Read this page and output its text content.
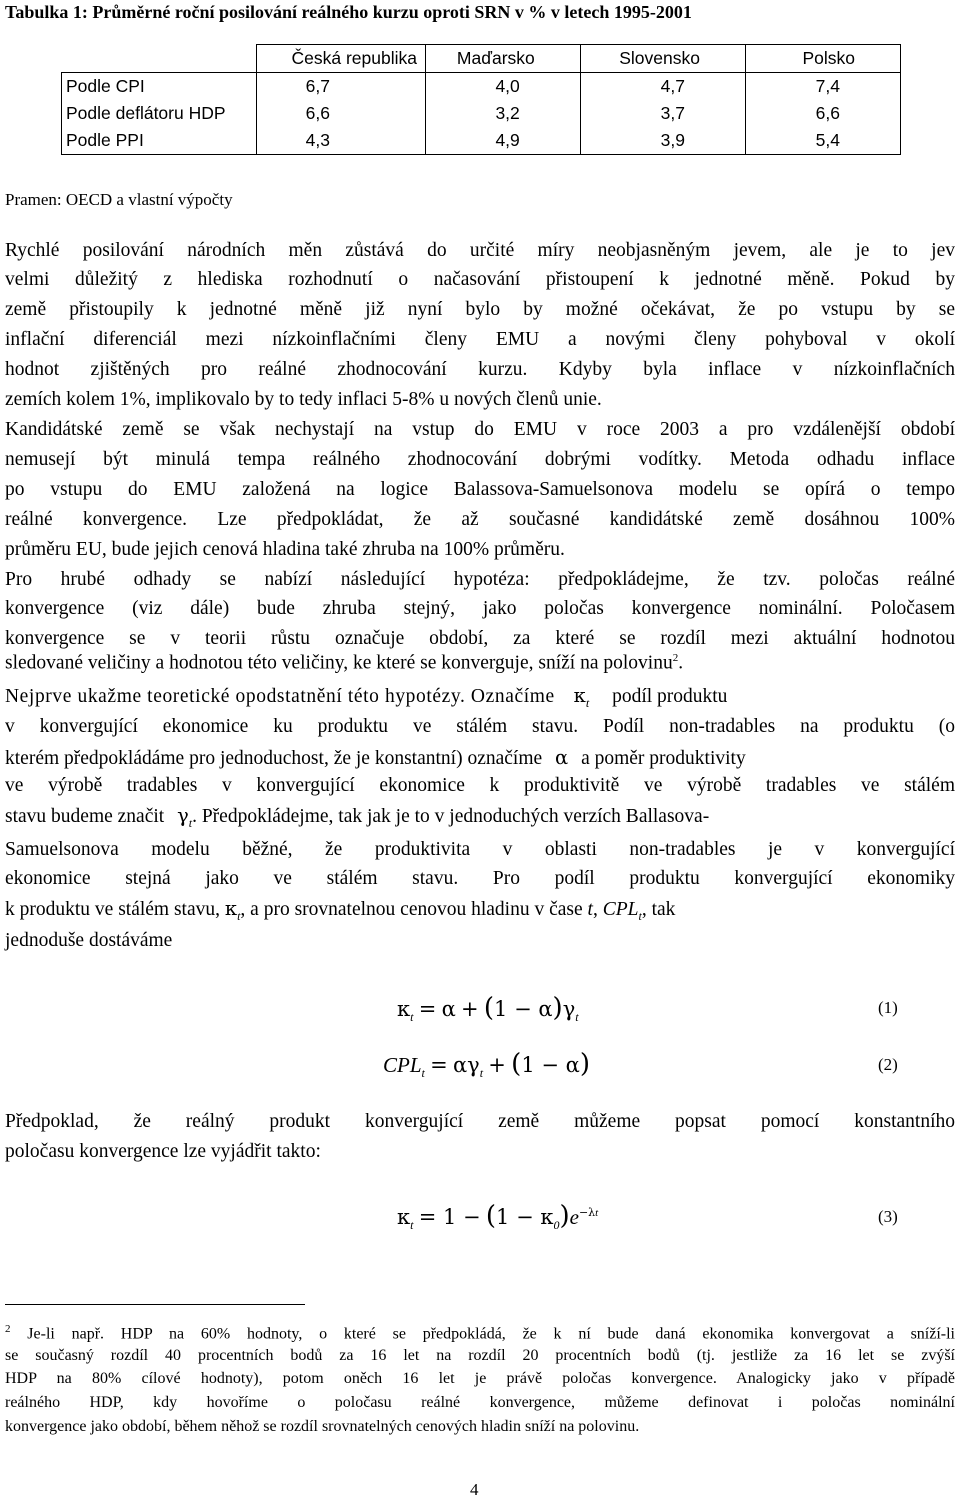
Tabulka 1: Průměrné roční posilování reálného kurzu oproti SRN v % v letech 1995-2001
	Česká republika	Maďarsko	Slovensko	Polsko
Podle CPI	6,7	4,0	4,7	7,4
Podle deflátoru HDP	6,6	3,2	3,7	6,6
Podle PPI	4,3	4,9	3,9	5,4
Pramen: OECD a vlastní výpočty
Rychlé posilování národních měn zůstává do určité míry neobjasněným jevem, ale je to jev
velmi důležitý z hlediska rozhodnutí o načasování přistoupení k jednotné měně. Pokud by
země přistoupily k jednotné měně již nyní bylo by možné očekávat, že po vstupu by se
inflační diferenciál mezi nízkoinflačními členy EMU a novými členy pohyboval v okolí
hodnot zjištěných pro reálné zhodnocování kurzu. Kdyby byla inflace v nízkoinflačních
zemích kolem 1%, implikovalo by to tedy inflaci 5-8% u nových členů unie.
Kandidátské země se však nechystají na vstup do EMU v roce 2003 a pro vzdálenější období
nemusejí být minulá tempa reálného zhodnocování dobrými vodítky. Metoda odhadu inflace
po vstupu do EMU založená na logice Balassova-Samuelsonova modelu se opírá o tempo
reálné konvergence. Lze předpokládat, že až současné kandidátské země dosáhnou 100%
průměru EU, bude jejich cenová hladina také zhruba na 100% průměru.
Pro hrubé odhady se nabízí následující hypotéza: předpokládejme, že tzv. poločas reálné
konvergence (viz dále) bude zhruba stejný, jako poločas konvergence nominální. Poločasem
konvergence se v teorii růstu označuje období, za které se rozdíl mezi aktuální hodnotou
sledované veličiny a hodnotou této veličiny, ke které se konverguje, sníží na polovinu$^2$.
Nejprve ukažme teoretické opodstatnění této hypotézy. Označíme $\kappa_t$ podíl produktu
v konvergující ekonomice ku produktu ve stálém stavu. Podíl non-tradables na produktu (o
kterém předpokládáme pro jednoduchost, že je konstantní) označíme α a poměr produktivity
ve výrobě tradables v konvergující ekonomice k produktivitě ve výrobě tradables ve stálém
stavu budeme značit $\gamma_t$. Předpokládejme, tak jak je to v jednoduchých verzích Ballasova-
Samuelsonova modelu běžné, že produktivita v oblasti non-tradables je v konvergující
ekonomice stejná jako ve stálém stavu. Pro podíl produktu konvergující ekonomiky
k produktu ve stálém stavu, $\kappa_t$, a pro srovnatelnou cenovou hladinu v čase t, $CPL_t$, tak
jednoduše dostáváme
$\kappa_t = \alpha + (1 - \alpha)\gamma_t$
(1)
$CPL_t = \alpha\gamma_t + (1 - \alpha)$	(2)
Předpoklad, že reálný produkt konvergující země můžeme popsat pomocí konstantního
poločasu konvergence lze vyjádřit takto:
$\kappa_t = 1 - (1 - \kappa_0)e^{-\lambda t}$	(3)
$^2$ Je-li např. HDP na 60% hodnoty, o které se předpokládá, že k ní bude daná ekonomika konvergovat a sníží-li
se současný rozdíl 40 procentních bodů za 16 let na rozdíl 20 procentních bodů (tj. jestliže za 16 let se zvýší
HDP na 80% cílové hodnoty), potom oněch 16 let je právě poločas konvergence. Analogicky jako v případě
reálného HDP, kdy hovoříme o poločasu reálné konvergence, můžeme definovat i poločas nominální
konvergence jako období, během něhož se rozdíl srovnatelných cenových hladin sníží na polovinu.
4
